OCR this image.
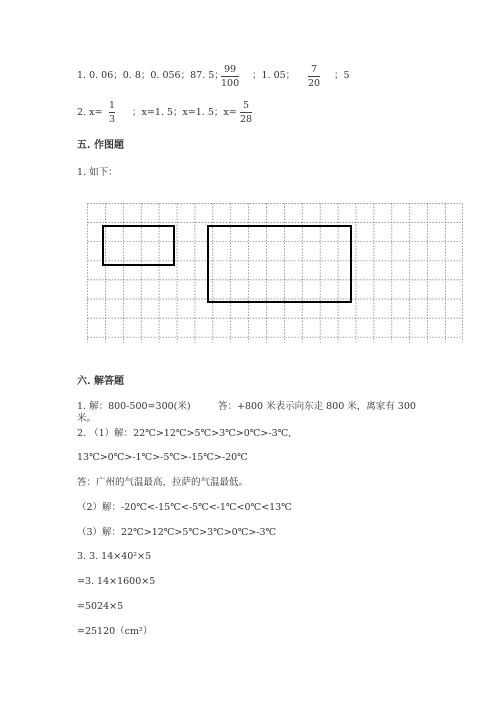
1. 0. 06；0. 8；0. 056；87. 5；
99
100
；1. 05；
7
20
；5
2. x=
1
3
；x=1. 5；x=1. 5；x=
5
28
五. 作图题
1. 如下：
六. 解答题
1. 解：800-500=300(米)	答：+800 米表示向东走 800 米，离家有 300
米。
2. （1）解：22℃>12℃>5℃>3℃>0℃>-3℃,
13℃>0℃>-1℃>-5℃>-15℃>-20℃
答：广州的气温最高，拉萨的气温最低。
（2）解：-20℃<-15℃<-5℃<-1℃<0℃<13℃
（3）解：22℃>12℃>5℃>3℃>0℃>-3℃
3. 3. 14×40²×5
=3. 14×1600×5
=5024×5
=25120（cm²）
